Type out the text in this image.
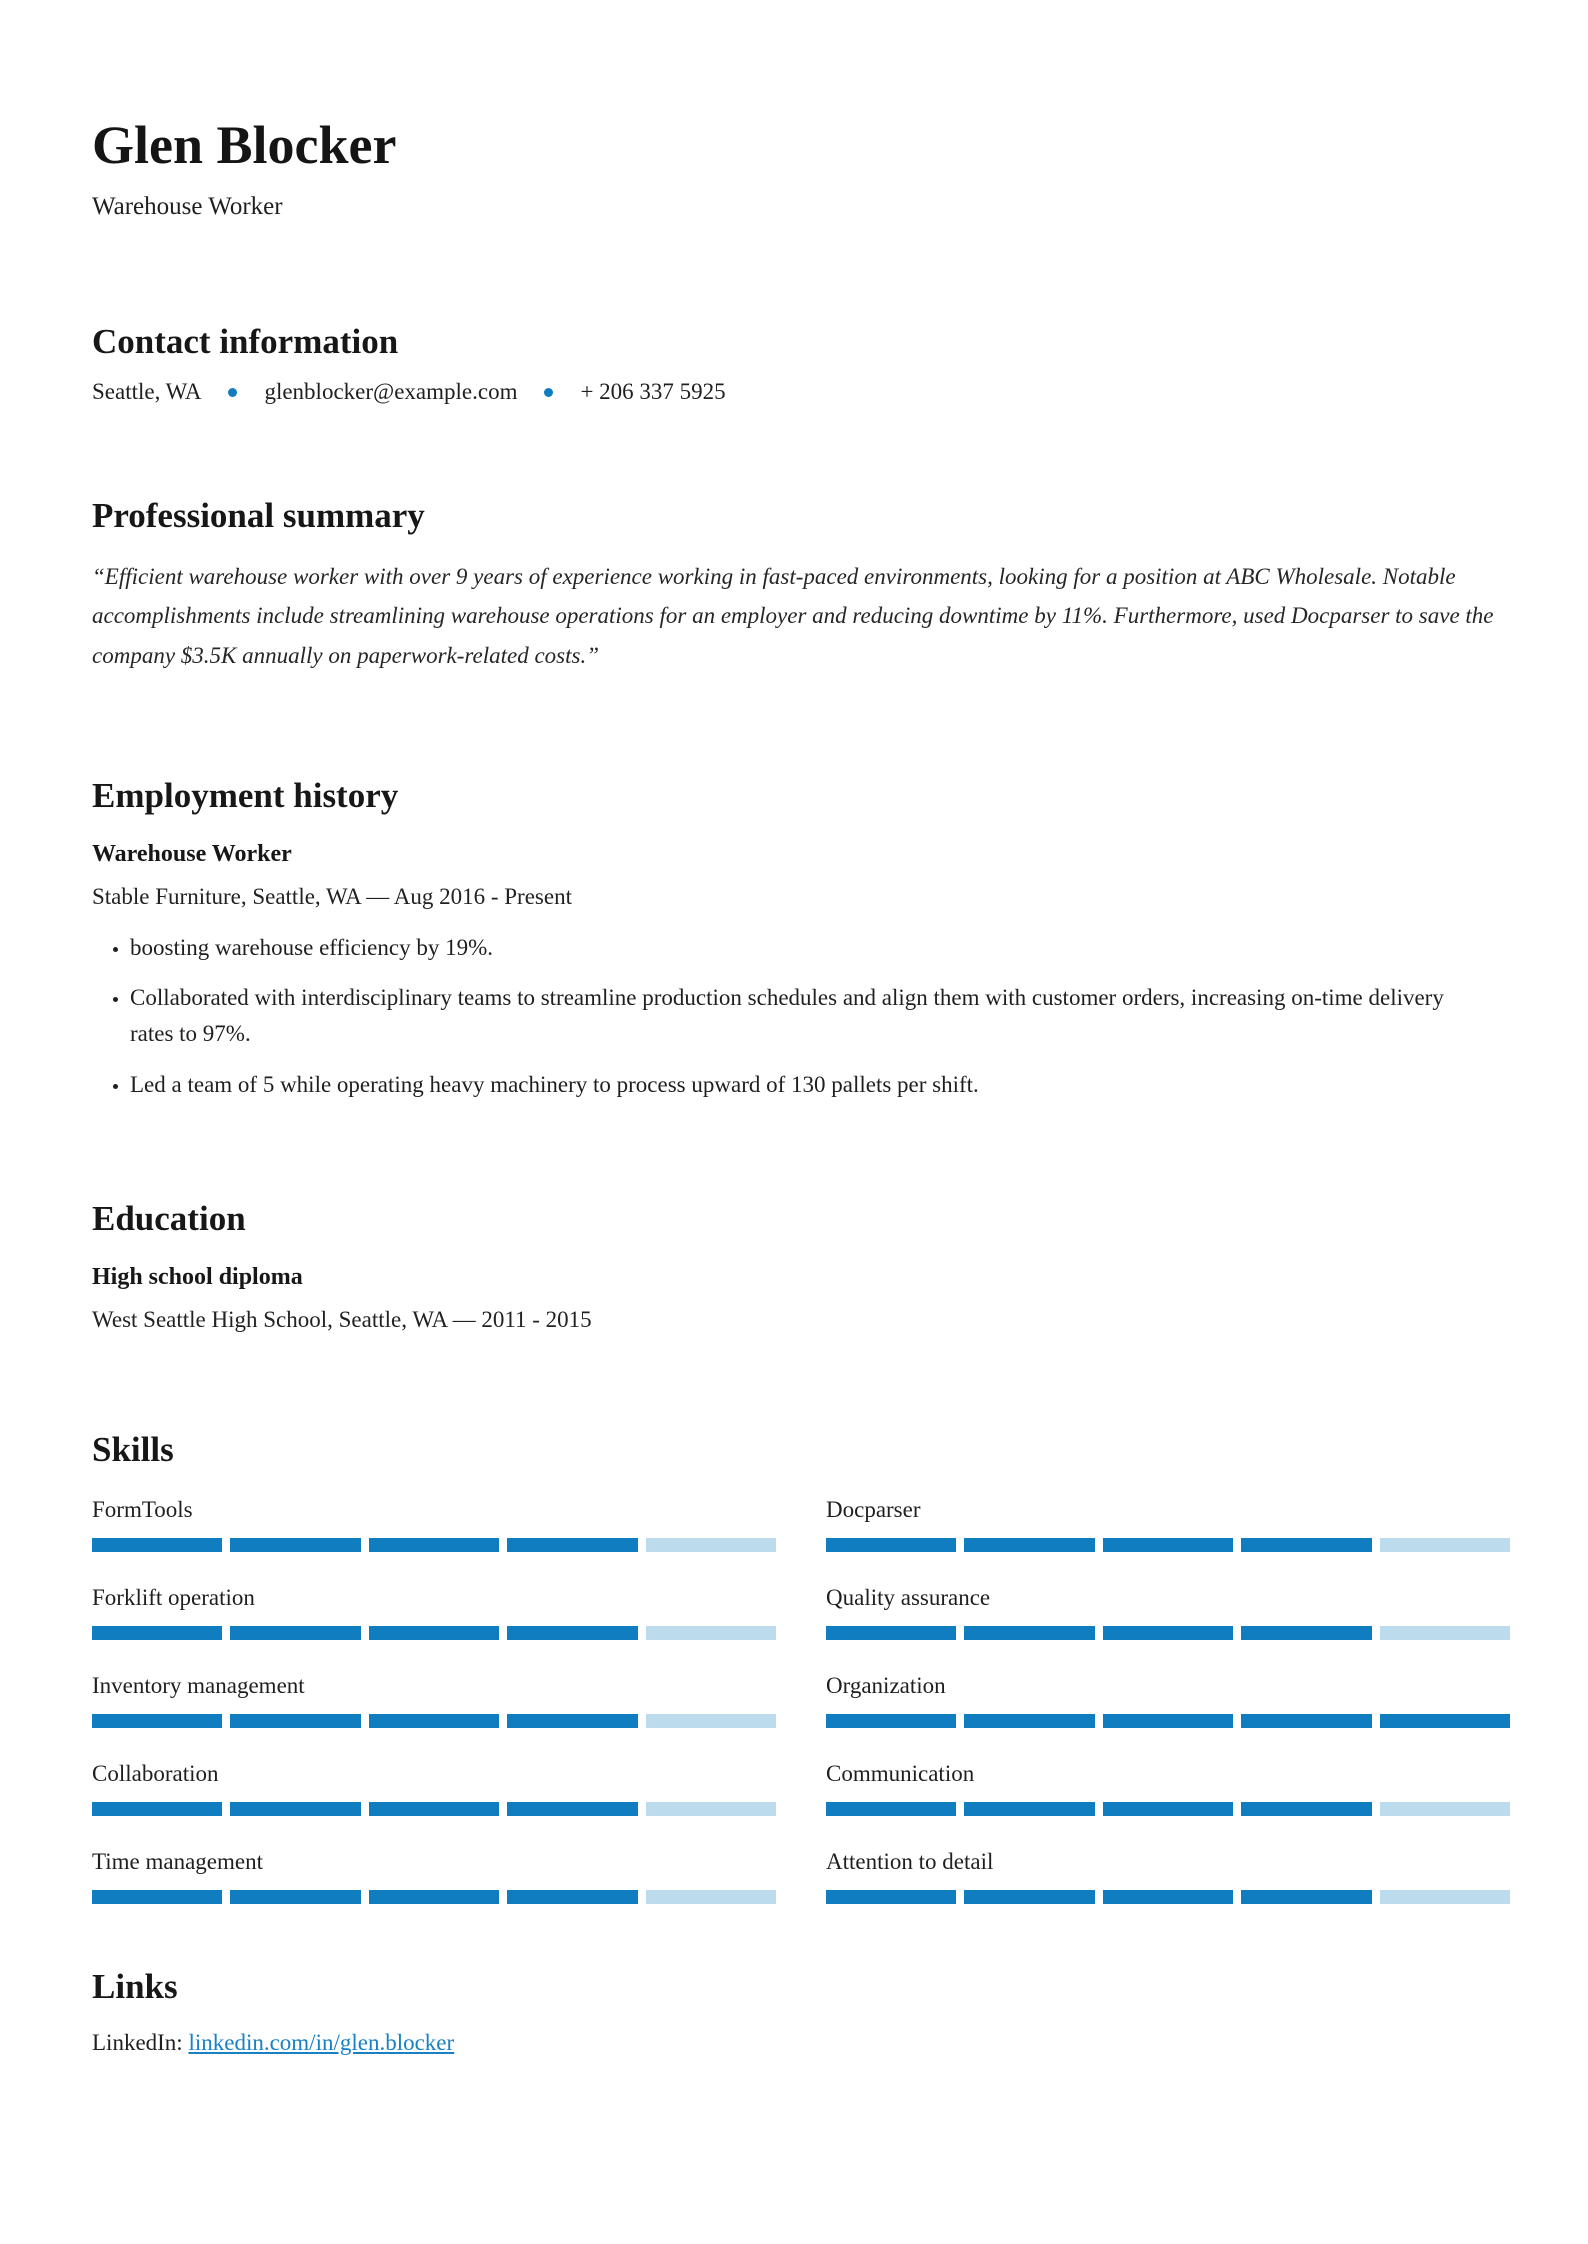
Glen Blocker
Warehouse Worker
Contact information
Seattle, WA	glenblocker@example.com	+ 206 337 5925
Professional summary
“Efficient warehouse worker with over 9 years of experience working in fast-paced environments, looking for a position at ABC Wholesale. Notable accomplishments include streamlining warehouse operations for an employer and reducing downtime by 11%. Furthermore, used Docparser to save the company $3.5K annually on paperwork-related costs.”
Employment history
Warehouse Worker
Stable Furniture, Seattle, WA — Aug 2016 - Present
• boosting warehouse efficiency by 19%.
• Collaborated with interdisciplinary teams to streamline production schedules and align them with customer orders, increasing on-time delivery rates to 97%.
• Led a team of 5 while operating heavy machinery to process upward of 130 pallets per shift.
Education
High school diploma
West Seattle High School, Seattle, WA — 2011 - 2015
Skills
FormTools	Docparser
Forklift operation	Quality assurance
Inventory management	Organization
Collaboration	Communication
Time management	Attention to detail
Links
LinkedIn: linkedin.com/in/glen.blocker
